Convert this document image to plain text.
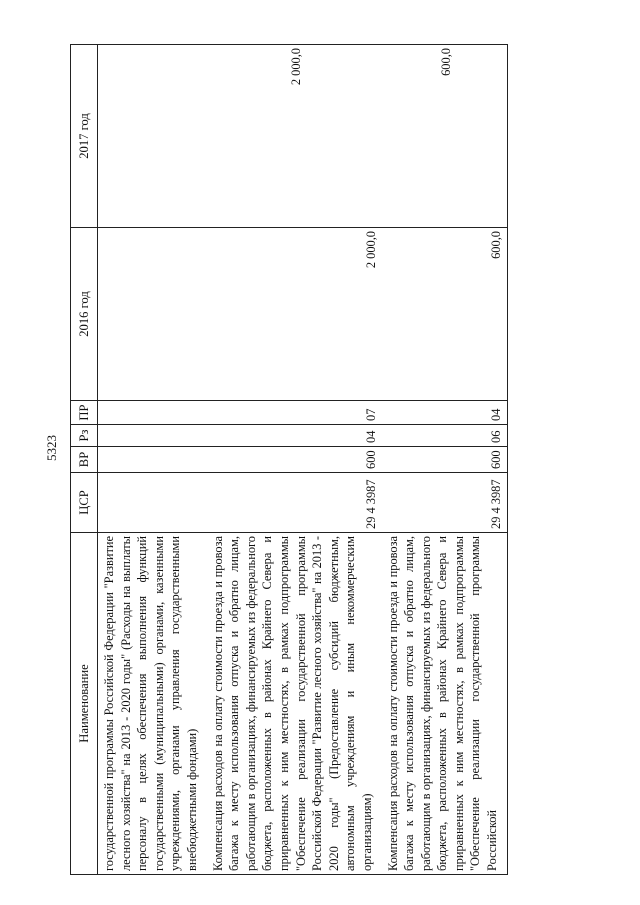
5323
Наименование	ЦСР	ВР	Рз	ПР	2016 год	2017 год
государственной программы Российской Федерации "Развитие лесного хозяйства" на 2013 - 2020 годы" (Расходы на выплаты персоналу в целях обеспечения выполнения функций государственными (муниципальными) органами, казенными учреждениями, органами управления государственными внебюджетными фондами)						
Компенсация расходов на оплату стоимости проезда и провоза багажа к месту использования отпуска и обратно лицам, работающим в организациях, финансируемых из федерального бюджета, расположенных в районах Крайнего Севера и приравненных к ним местностях, в рамках подпрограммы "Обеспечение реализации государственной программы Российской Федерации "Развитие лесного хозяйства" на 2013 - 2020 годы" (Предоставление субсидий бюджетным, автономным учреждениям и иным некоммерческим организациям)	29 4 3987	600	04	07	2 000,0	2 000,0
Компенсация расходов на оплату стоимости проезда и провоза багажа к месту использования отпуска и обратно лицам, работающим в организациях, финансируемых из федерального бюджета, расположенных в районах Крайнего Севера и приравненных к ним местностях, в рамках подпрограммы "Обеспечение реализации государственной программы Российской	29 4 3987	600	06	04	600,0	600,0
